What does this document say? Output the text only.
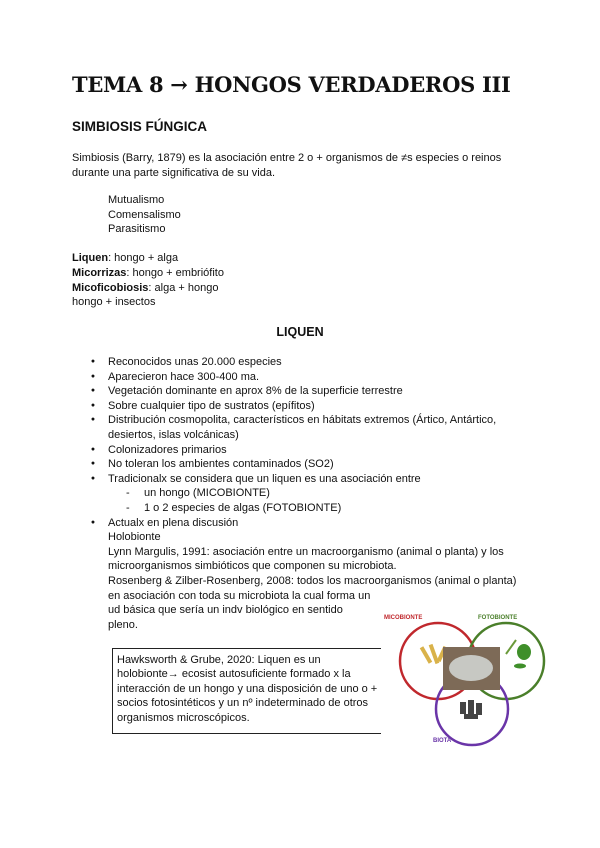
TEMA 8 → HONGOS VERDADEROS III
SIMBIOSIS FÚNGICA
Simbiosis (Barry, 1879) es la asociación entre 2 o + organismos de ≠s especies o reinos
durante una parte significativa de su vida.
Mutualismo
Comensalismo
Parasitismo
Liquen: hongo + alga
Micorrizas: hongo + embriófito
Micoficobiosis: alga + hongo
hongo + insectos
LIQUEN
● Reconocidos unas 20.000 especies
● Aparecieron hace 300-400 ma.
● Vegetación dominante en aprox 8% de la superficie terrestre
● Sobre cualquier tipo de sustratos (epífitos)
● Distribución cosmopolita, característicos en hábitats extremos (Ártico, Antártico,
desiertos, islas volcánicas)
● Colonizadores primarios
● No toleran los ambientes contaminados (SO2)
● Tradicionalx se considera que un liquen es una asociación entre
- un hongo (MICOBIONTE)
- 1 o 2 especies de algas (FOTOBIONTE)
● Actualx en plena discusión
Holobionte
Lynn Margulis, 1991: asociación entre un macroorganismo (animal o planta) y los
microorganismos simbióticos que componen su microbiota.
Rosenberg & Zilber-Rosenberg, 2008: todos los macroorganismos (animal o planta)
en asociación con toda su microbiota la cual forma un
ud básica que sería un indv biológico en sentido
pleno.
Hawksworth & Grube, 2020: Liquen es un holobionte→ ecosist autosuficiente formado x la interacción de un hongo y una disposición de uno o + socios fotosintéticos y un nº indeterminado de otros organismos microscópicos.
MICOBIONTE	FOTOBIONTE
BIOTA
